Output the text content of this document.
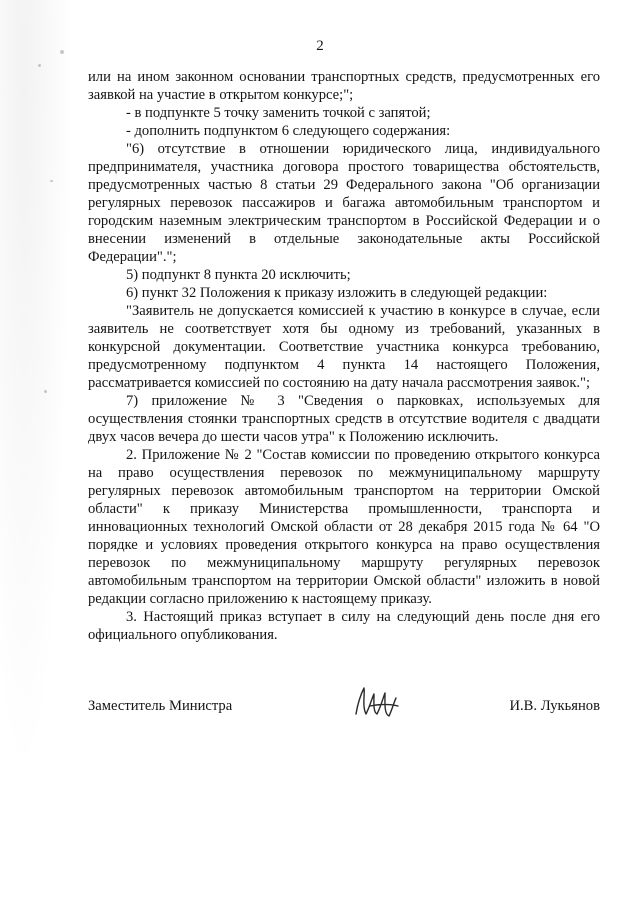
2

или на ином законном основании транспортных средств, предусмотренных его заявкой на участие в открытом конкурсе;";

- в подпункте 5 точку заменить точкой с запятой;

- дополнить подпунктом 6 следующего содержания:

"6) отсутствие в отношении юридического лица, индивидуального предпринимателя, участника договора простого товарищества обстоятельств, предусмотренных частью 8 статьи 29 Федерального закона "Об организации регулярных перевозок пассажиров и багажа автомобильным транспортом и городским наземным электрическим транспортом в Российской Федерации и о внесении изменений в отдельные законодательные акты Российской Федерации".";

5) подпункт 8 пункта 20 исключить;

6) пункт 32 Положения к приказу изложить в следующей редакции:

"Заявитель не допускается комиссией к участию в конкурсе в случае, если заявитель не соответствует хотя бы одному из требований, указанных в конкурсной документации. Соответствие участника конкурса требованию, предусмотренному подпунктом 4 пункта 14 настоящего Положения, рассматривается комиссией по состоянию на дату начала рассмотрения заявок.";

7) приложение № 3 "Сведения о парковках, используемых для осуществления стоянки транспортных средств в отсутствие водителя с двадцати двух часов вечера до шести часов утра" к Положению исключить.

2. Приложение № 2 "Состав комиссии по проведению открытого конкурса на право осуществления перевозок по межмуниципальному маршруту регулярных перевозок автомобильным транспортом на территории Омской области" к приказу Министерства промышленности, транспорта и инновационных технологий Омской области от 28 декабря 2015 года № 64 "О порядке и условиях проведения открытого конкурса на право осуществления перевозок по межмуниципальному маршруту регулярных перевозок автомобильным транспортом на территории Омской области" изложить в новой редакции согласно приложению к настоящему приказу.

3. Настоящий приказ вступает в силу на следующий день после дня его официального опубликования.

Заместитель Министра	И.В. Лукьянов
